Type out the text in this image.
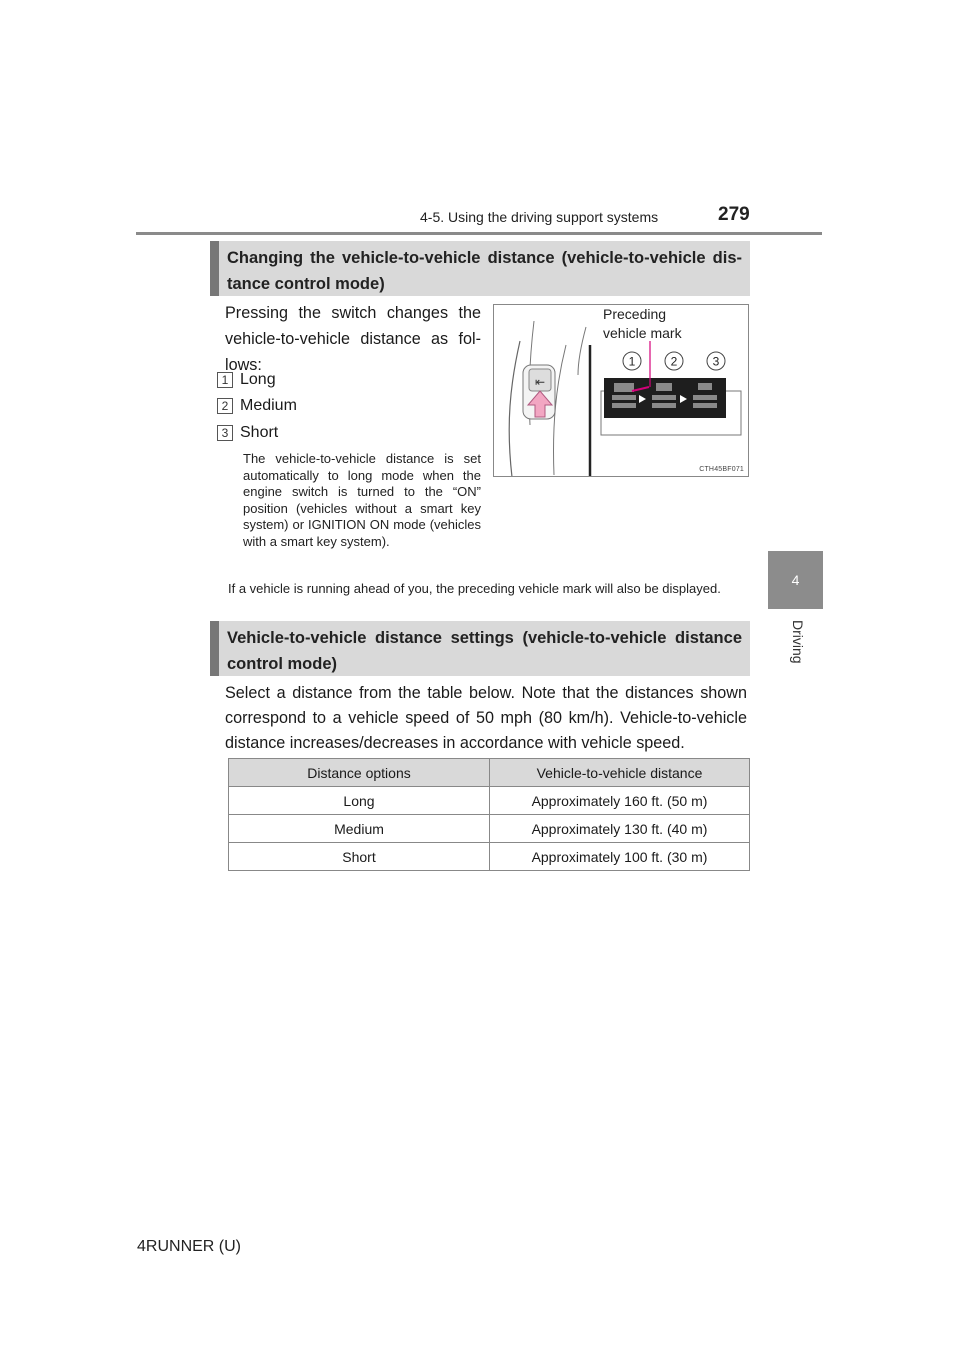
4-5. Using the driving support systems	279
4
Driving
Changing the vehicle-to-vehicle distance (vehicle-to-vehicle dis-tance control mode)
Pressing the switch changes the vehicle-to-vehicle distance as fol-lows:
1 Long
2 Medium
3 Short
The vehicle-to-vehicle distance is set automatically to long mode when the engine switch is turned to the “ON” position (vehicles without a smart key system) or IGNITION ON mode (vehicles with a smart key system).
If a vehicle is running ahead of you, the preceding vehicle mark will also be displayed.
⇤
1	2	3
Preceding vehicle mark
CTH45BF071
Vehicle-to-vehicle distance settings (vehicle-to-vehicle distance control mode)
Select a distance from the table below. Note that the distances shown correspond to a vehicle speed of 50 mph (80 km/h). Vehicle-to-vehicle distance increases/decreases in accordance with vehicle speed.
Distance options	Vehicle-to-vehicle distance
Long	Approximately 160 ft. (50 m)
Medium	Approximately 130 ft. (40 m)
Short	Approximately 100 ft. (30 m)
4RUNNER (U)
